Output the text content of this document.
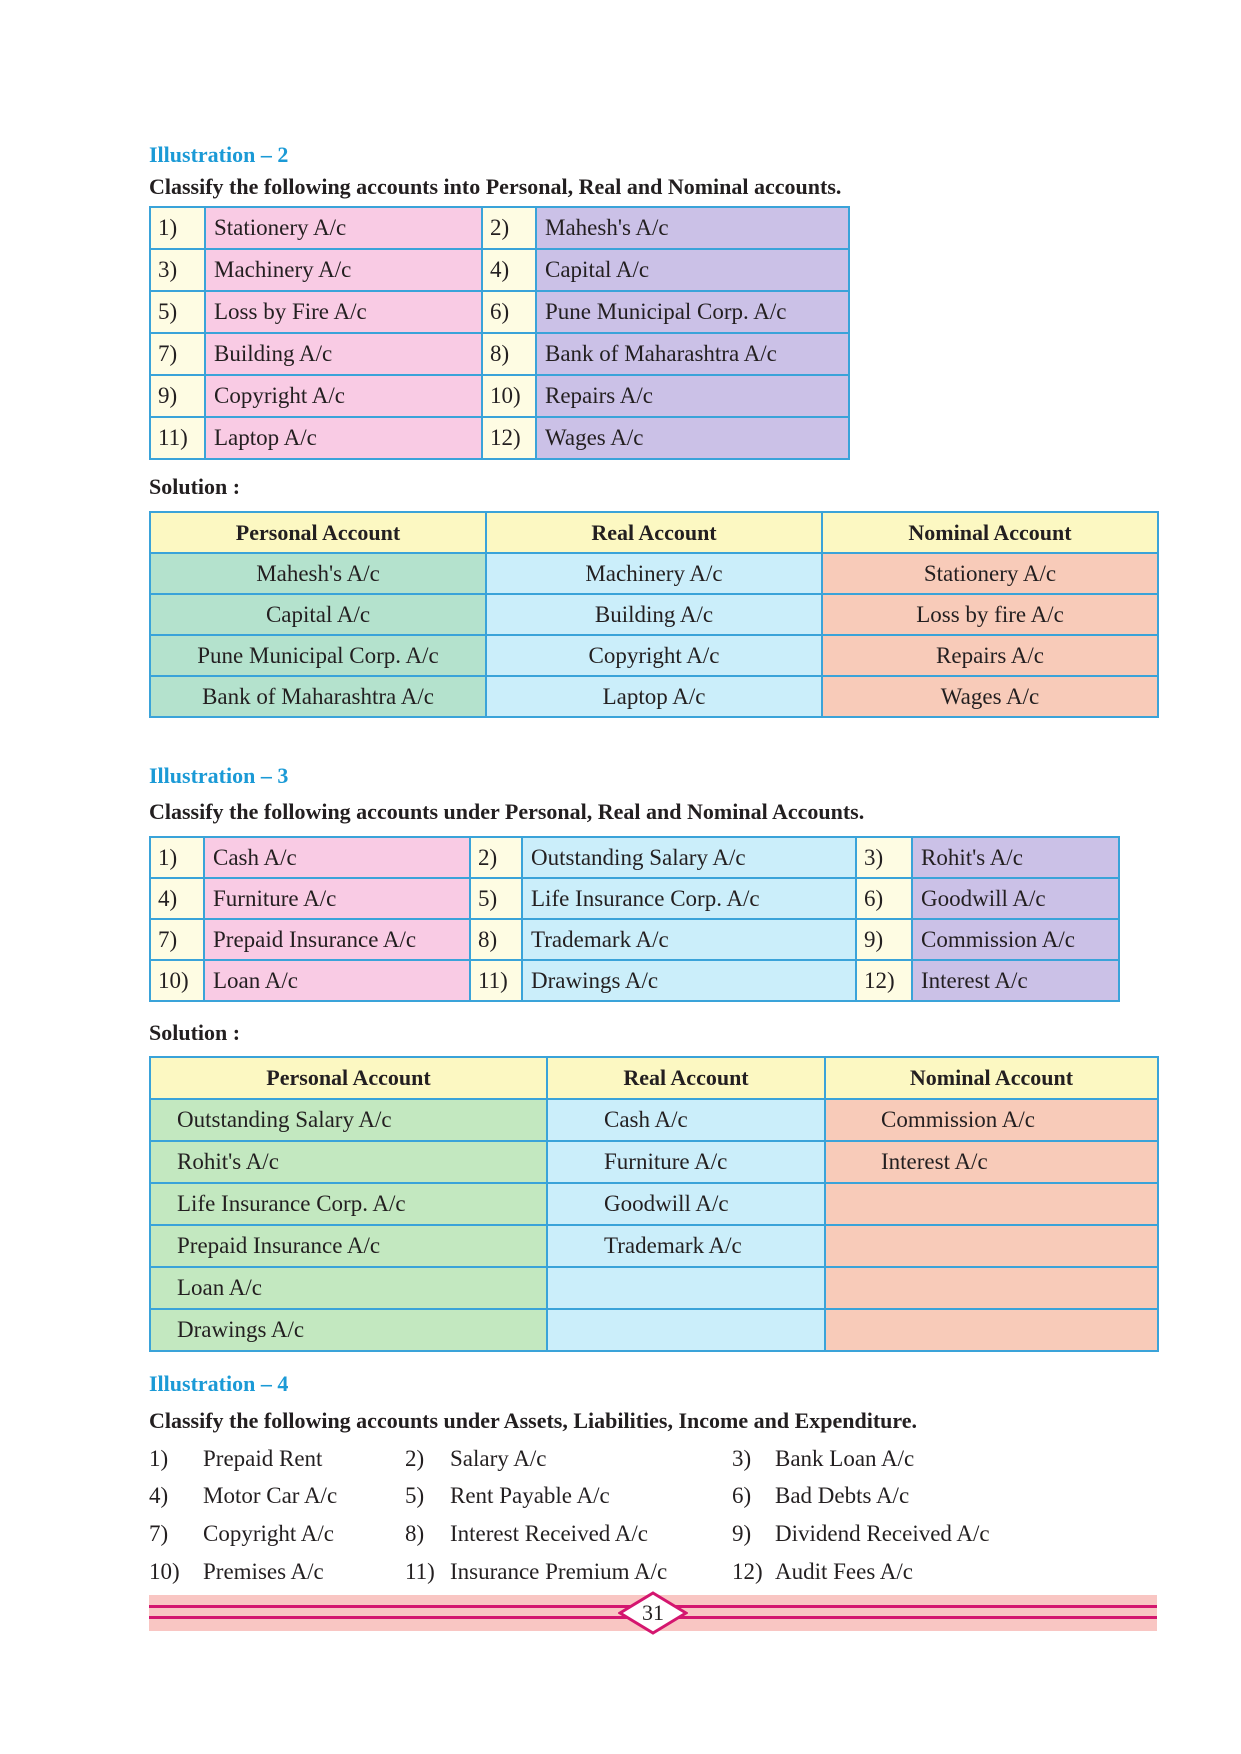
Illustration – 2
Classify the following accounts into Personal, Real and Nominal accounts.
1)	Stationery A/c	2)	Mahesh's A/c
3)	Machinery A/c	4)	Capital A/c
5)	Loss by Fire A/c	6)	Pune Municipal Corp. A/c
7)	Building A/c	8)	Bank of Maharashtra A/c
9)	Copyright A/c	10)	Repairs A/c
11)	Laptop A/c	12)	Wages A/c
Solution :
Personal Account	Real Account	Nominal Account
Mahesh's A/c	Machinery A/c	Stationery A/c
Capital A/c	Building A/c	Loss by fire A/c
Pune Municipal Corp. A/c	Copyright A/c	Repairs A/c
Bank of Maharashtra A/c	Laptop A/c	Wages A/c
Illustration – 3
Classify the following accounts under Personal, Real and Nominal Accounts.
1)	Cash A/c	2)	Outstanding Salary A/c	3)	Rohit's A/c
4)	Furniture A/c	5)	Life Insurance Corp. A/c	6)	Goodwill A/c
7)	Prepaid Insurance A/c	8)	Trademark A/c	9)	Commission A/c
10)	Loan A/c	11)	Drawings A/c	12)	Interest A/c
Solution :
Personal Account	Real Account	Nominal Account
Outstanding Salary A/c	Cash A/c	Commission A/c
Rohit's A/c	Furniture A/c	Interest A/c
Life Insurance Corp. A/c	Goodwill A/c	
Prepaid Insurance A/c	Trademark A/c	
Loan A/c		
Drawings A/c		
Illustration – 4
Classify the following accounts under Assets, Liabilities, Income and Expenditure.
1) Prepaid Rent	2) Salary A/c	3) Bank Loan A/c
4) Motor Car A/c	5) Rent Payable A/c	6) Bad Debts A/c
7) Copyright A/c	8) Interest Received A/c	9) Dividend Received A/c
10) Premises A/c	11) Insurance Premium A/c	12) Audit Fees A/c
31
